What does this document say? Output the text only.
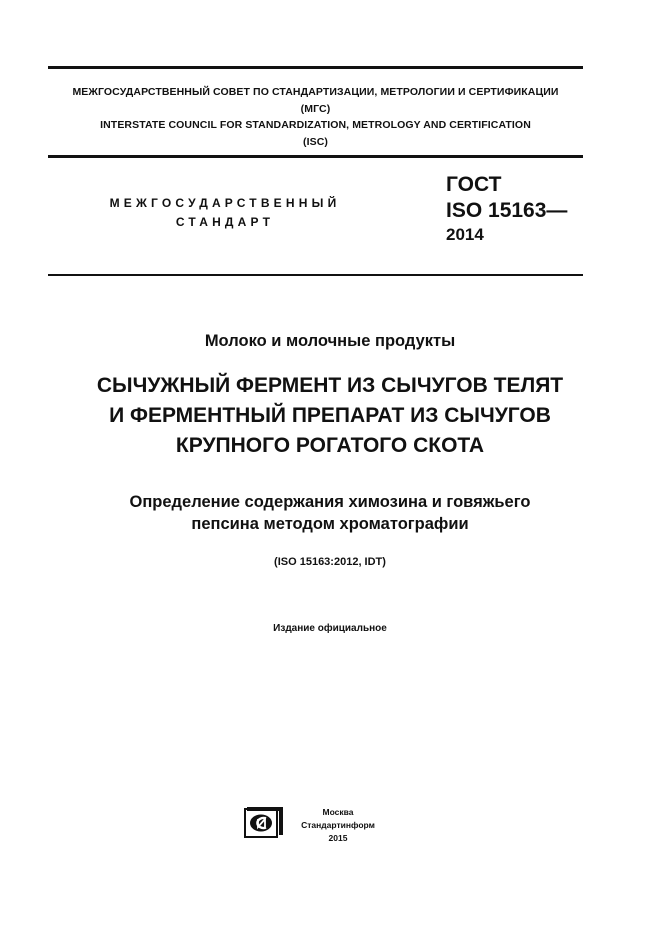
МЕЖГОСУДАРСТВЕННЫЙ СОВЕТ ПО СТАНДАРТИЗАЦИИ, МЕТРОЛОГИИ И СЕРТИФИКАЦИИ
(МГС)
INTERSTATE COUNCIL FOR STANDARDIZATION, METROLOGY AND CERTIFICATION
(ISC)
МЕЖГОСУДАРСТВЕННЫЙ
СТАНДАРТ
ГОСТ
ISO 15163—
2014
Молоко и молочные продукты
СЫЧУЖНЫЙ ФЕРМЕНТ ИЗ СЫЧУГОВ ТЕЛЯТ
И ФЕРМЕНТНЫЙ ПРЕПАРАТ ИЗ СЫЧУГОВ
КРУПНОГО РОГАТОГО СКОТА
Определение содержания химозина и говяжьего
пепсина методом хроматографии
(ISO 15163:2012, IDT)
Издание официальное
Москва
Стандартинформ
2015
